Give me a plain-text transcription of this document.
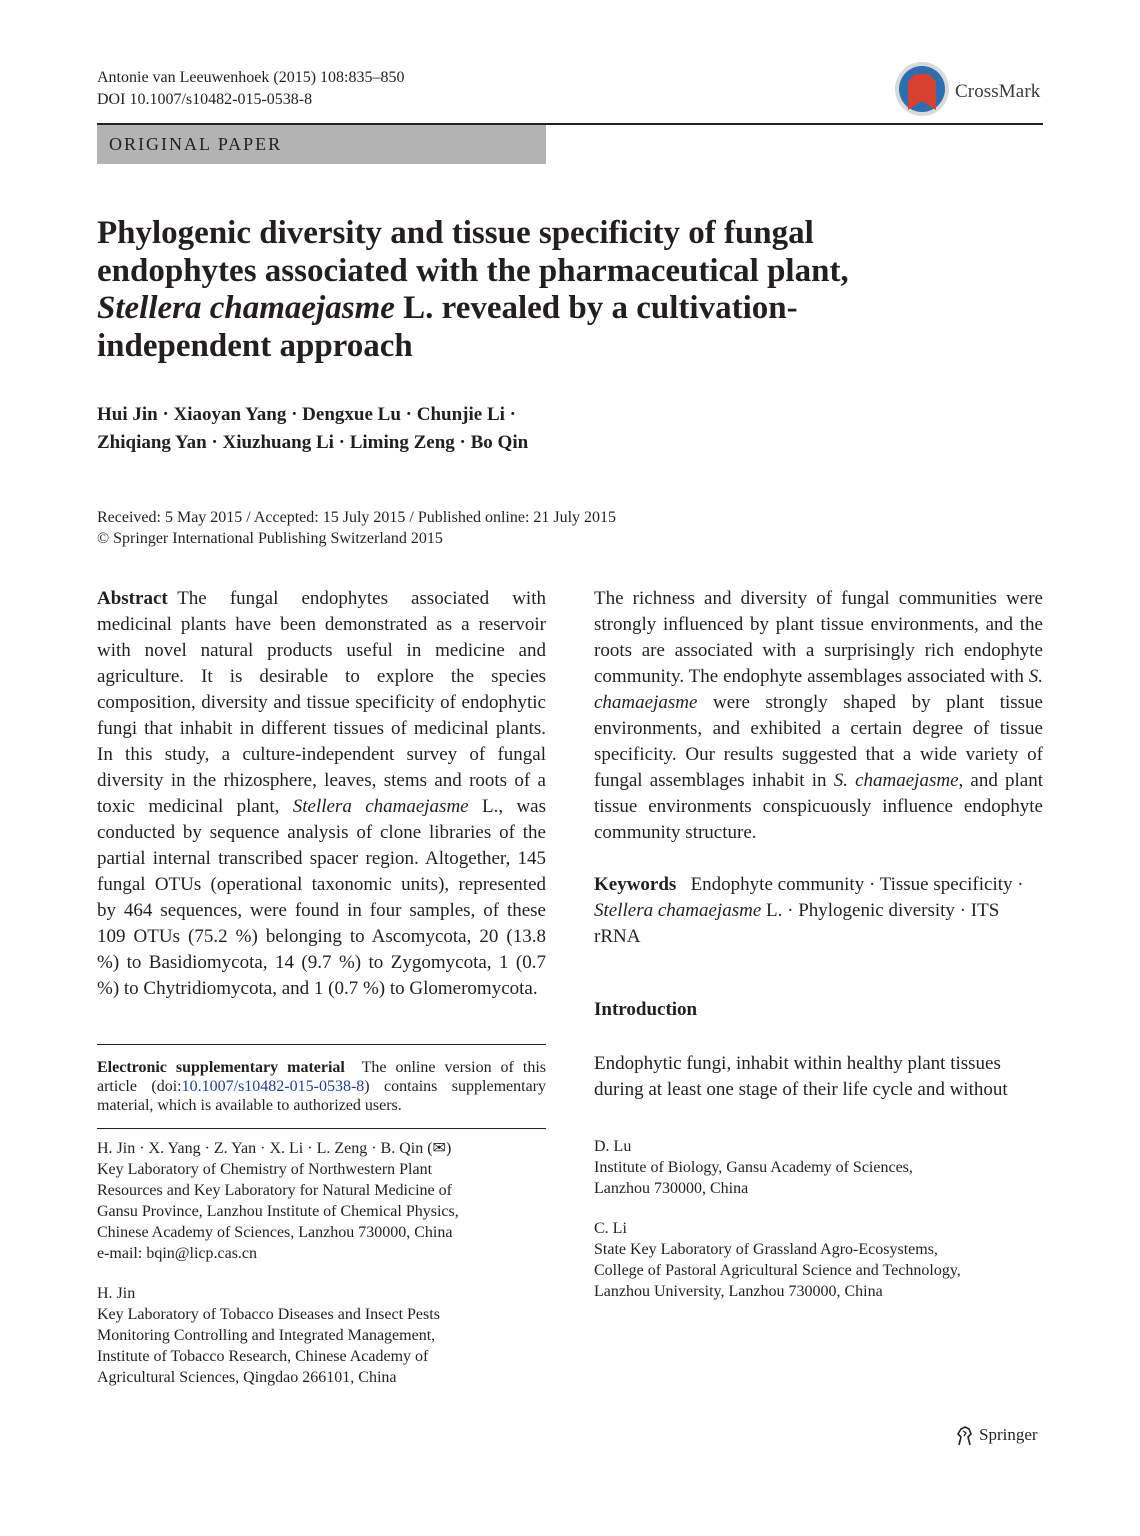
Antonie van Leeuwenhoek (2015) 108:835–850
DOI 10.1007/s10482-015-0538-8	CrossMark
ORIGINAL PAPER
Phylogenic diversity and tissue specificity of fungal endophytes associated with the pharmaceutical plant, Stellera chamaejasme L. revealed by a cultivation-independent approach
Hui Jin · Xiaoyan Yang · Dengxue Lu · Chunjie Li ·
Zhiqiang Yan · Xiuzhuang Li · Liming Zeng · Bo Qin
Received: 5 May 2015 / Accepted: 15 July 2015 / Published online: 21 July 2015
© Springer International Publishing Switzerland 2015

Abstract The fungal endophytes associated with medicinal plants have been demonstrated as a reservoir with novel natural products useful in medicine and agriculture. It is desirable to explore the species composition, diversity and tissue specificity of endophytic fungi that inhabit in different tissues of medicinal plants. In this study, a culture-independent survey of fungal diversity in the rhizosphere, leaves, stems and roots of a toxic medicinal plant, Stellera chamaejasme L., was conducted by sequence analysis of clone libraries of the partial internal transcribed spacer region. Altogether, 145 fungal OTUs (operational taxonomic units), represented by 464 sequences, were found in four samples, of these 109 OTUs (75.2 %) belonging to Ascomycota, 20 (13.8 %) to Basidiomycota, 14 (9.7 %) to Zygomycota, 1 (0.7 %) to Chytridiomycota, and 1 (0.7 %) to Glomeromycota.

Electronic supplementary material  The online version of this article (doi:10.1007/s10482-015-0538-8) contains supplementary material, which is available to authorized users.
H. Jin · X. Yang · Z. Yan · X. Li · L. Zeng · B. Qin (✉)
Key Laboratory of Chemistry of Northwestern Plant
Resources and Key Laboratory for Natural Medicine of
Gansu Province, Lanzhou Institute of Chemical Physics,
Chinese Academy of Sciences, Lanzhou 730000, China
e-mail: bqin@licp.cas.cn
H. Jin
Key Laboratory of Tobacco Diseases and Insect Pests
Monitoring Controlling and Integrated Management,
Institute of Tobacco Research, Chinese Academy of
Agricultural Sciences, Qingdao 266101, China

The richness and diversity of fungal communities were strongly influenced by plant tissue environments, and the roots are associated with a surprisingly rich endophyte community. The endophyte assemblages associated with S. chamaejasme were strongly shaped by plant tissue environments, and exhibited a certain degree of tissue specificity. Our results suggested that a wide variety of fungal assemblages inhabit in S. chamaejasme, and plant tissue environments conspicuously influence endophyte community structure.

Keywords  Endophyte community · Tissue specificity · Stellera chamaejasme L. · Phylogenic diversity · ITS rRNA

Introduction

Endophytic fungi, inhabit within healthy plant tissues during at least one stage of their life cycle and without

D. Lu
Institute of Biology, Gansu Academy of Sciences,
Lanzhou 730000, China
C. Li
State Key Laboratory of Grassland Agro-Ecosystems,
College of Pastoral Agricultural Science and Technology,
Lanzhou University, Lanzhou 730000, China
Springer
